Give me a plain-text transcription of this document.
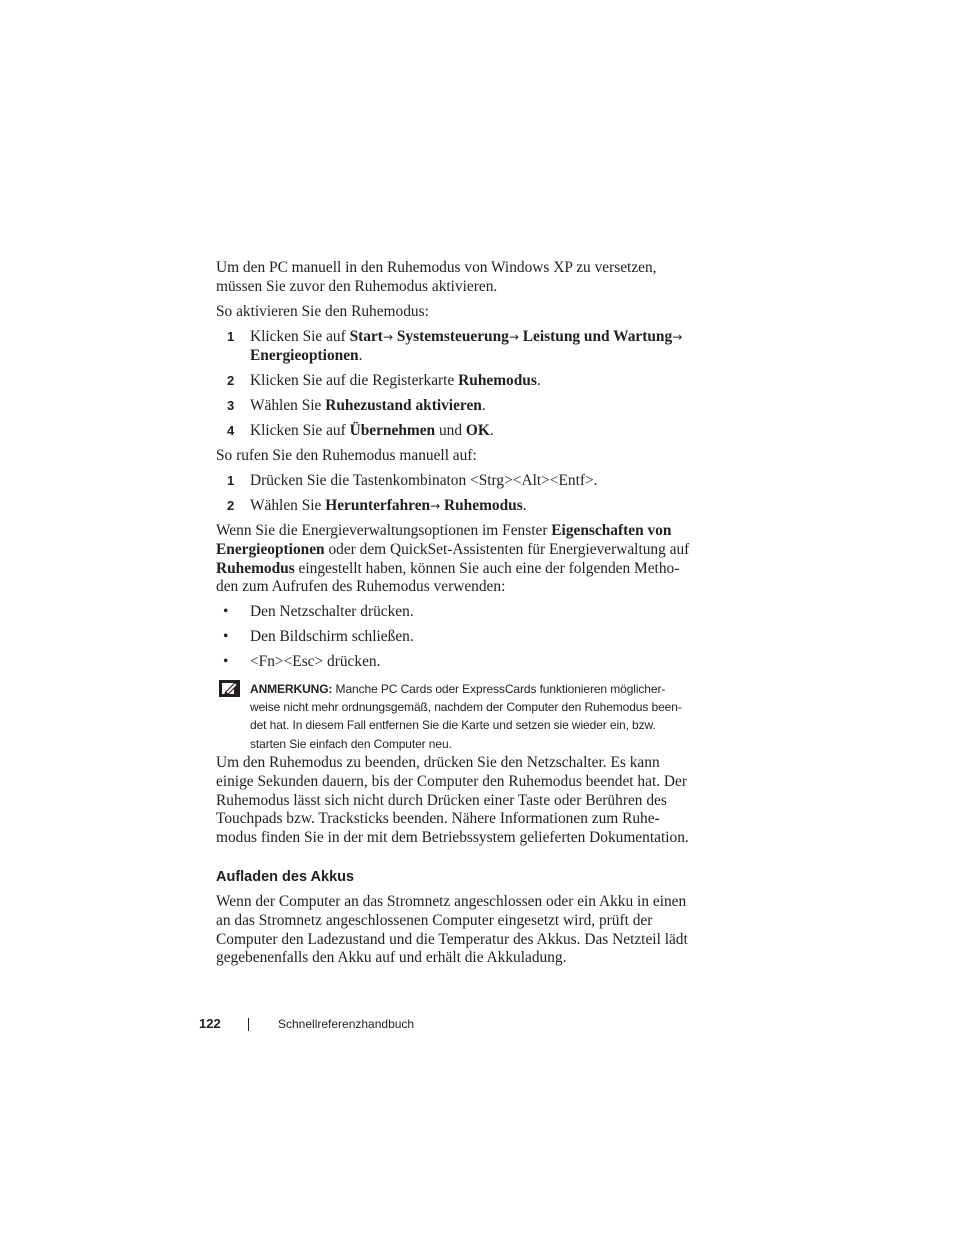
Um den PC manuell in den Ruhemodus von Windows XP zu versetzen,

müssen Sie zuvor den Ruhemodus aktivieren.

So aktivieren Sie den Ruhemodus:
1 Klicken Sie auf Start→ Systemsteuerung→ Leistung und Wartung→
Energieoptionen.
2 Klicken Sie auf die Registerkarte Ruhemodus.
3 Wählen Sie Ruhezustand aktivieren.
4 Klicken Sie auf Übernehmen und OK.
So rufen Sie den Ruhemodus manuell auf:
1 Drücken Sie die Tastenkombinaton <Strg><Alt><Entf>.
2 Wählen Sie Herunterfahren→ Ruhemodus.

Wenn Sie die Energieverwaltungsoptionen im Fenster Eigenschaften von

Energieoptionen oder dem QuickSet-Assistenten für Energieverwaltung auf

Ruhemodus eingestellt haben, können Sie auch eine der folgenden Metho-

den zum Aufrufen des Ruhemodus verwenden:

• Den Netzschalter drücken.
• Den Bildschirm schließen.
• <Fn><Esc> drücken.

ANMERKUNG: Manche PC Cards oder ExpressCards funktionieren möglicher-

weise nicht mehr ordnungsgemäß, nachdem der Computer den Ruhemodus been-

det hat. In diesem Fall entfernen Sie die Karte und setzen sie wieder ein, bzw.

starten Sie einfach den Computer neu.

Um den Ruhemodus zu beenden, drücken Sie den Netzschalter. Es kann

einige Sekunden dauern, bis der Computer den Ruhemodus beendet hat. Der

Ruhemodus lässt sich nicht durch Drücken einer Taste oder Berühren des

Touchpads bzw. Tracksticks beenden. Nähere Informationen zum Ruhe-

modus finden Sie in der mit dem Betriebssystem gelieferten Dokumentation.

Aufladen des Akkus

Wenn der Computer an das Stromnetz angeschlossen oder ein Akku in einen

an das Stromnetz angeschlossenen Computer eingesetzt wird, prüft der

Computer den Ladezustand und die Temperatur des Akkus. Das Netzteil lädt

gegebenenfalls den Akku auf und erhält die Akkuladung.

122	Schnellreferenzhandbuch
